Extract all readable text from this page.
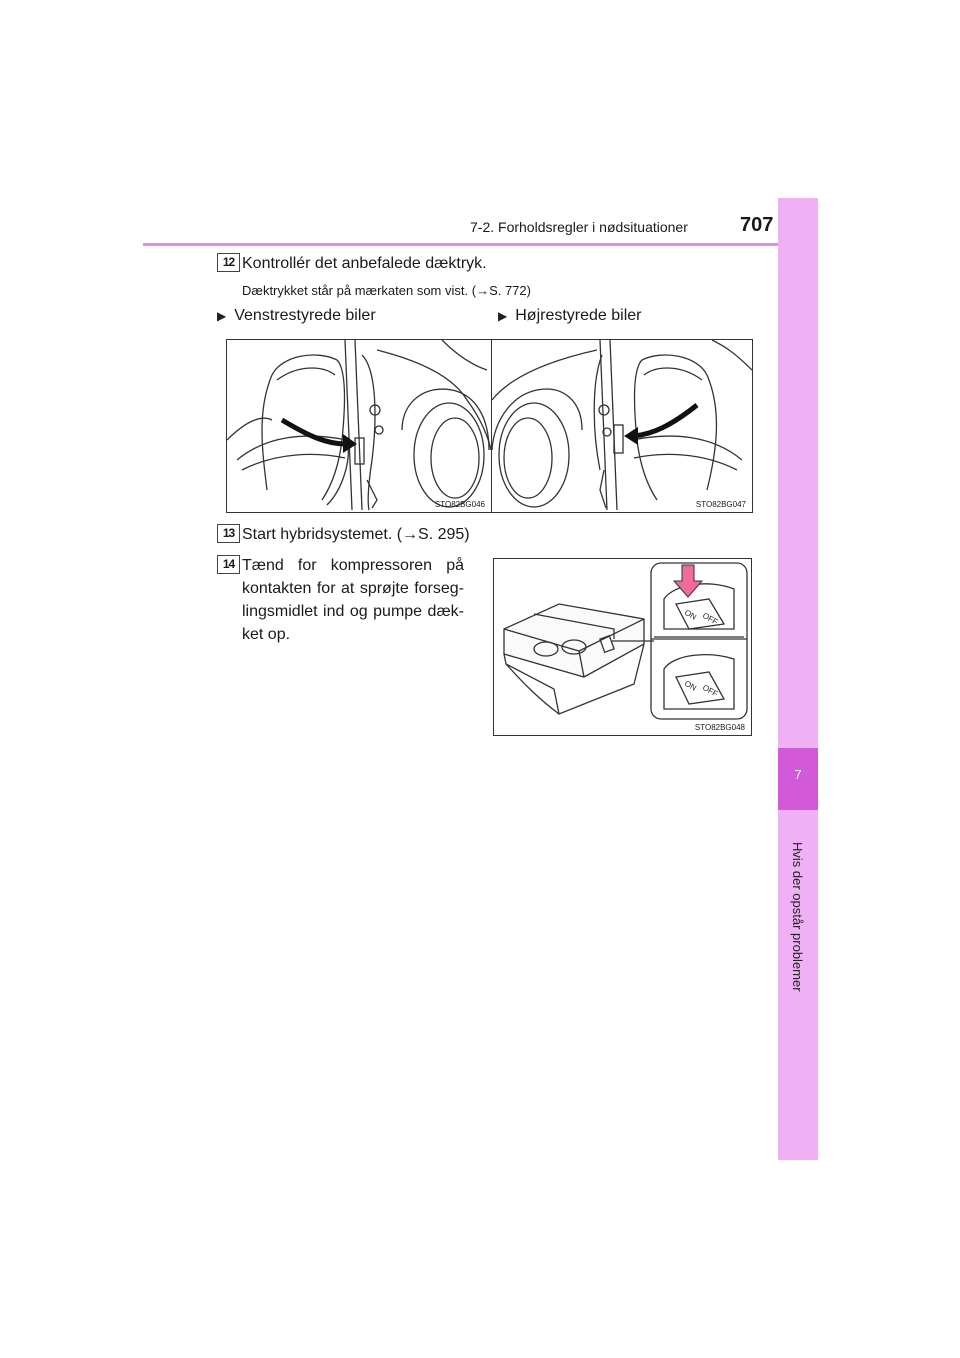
7-2. Forholdsregler i nødsituationer	707
7
Hvis der opstår problemer
12 Kontrollér det anbefalede dæktryk.
Dæktrykket står på mærkaten som vist. (→S. 772)
▶ Venstrestyrede biler	▶ Højrestyrede biler
STO82BG046	STO82BG047
13 Start hybridsystemet. (→S. 295)
14 Tænd for kompressoren på
kontakten for at sprøjte forseg-
lingsmidlet ind og pumpe dæk-
ket op.
ON OFF
ON OFF
STO82BG048
